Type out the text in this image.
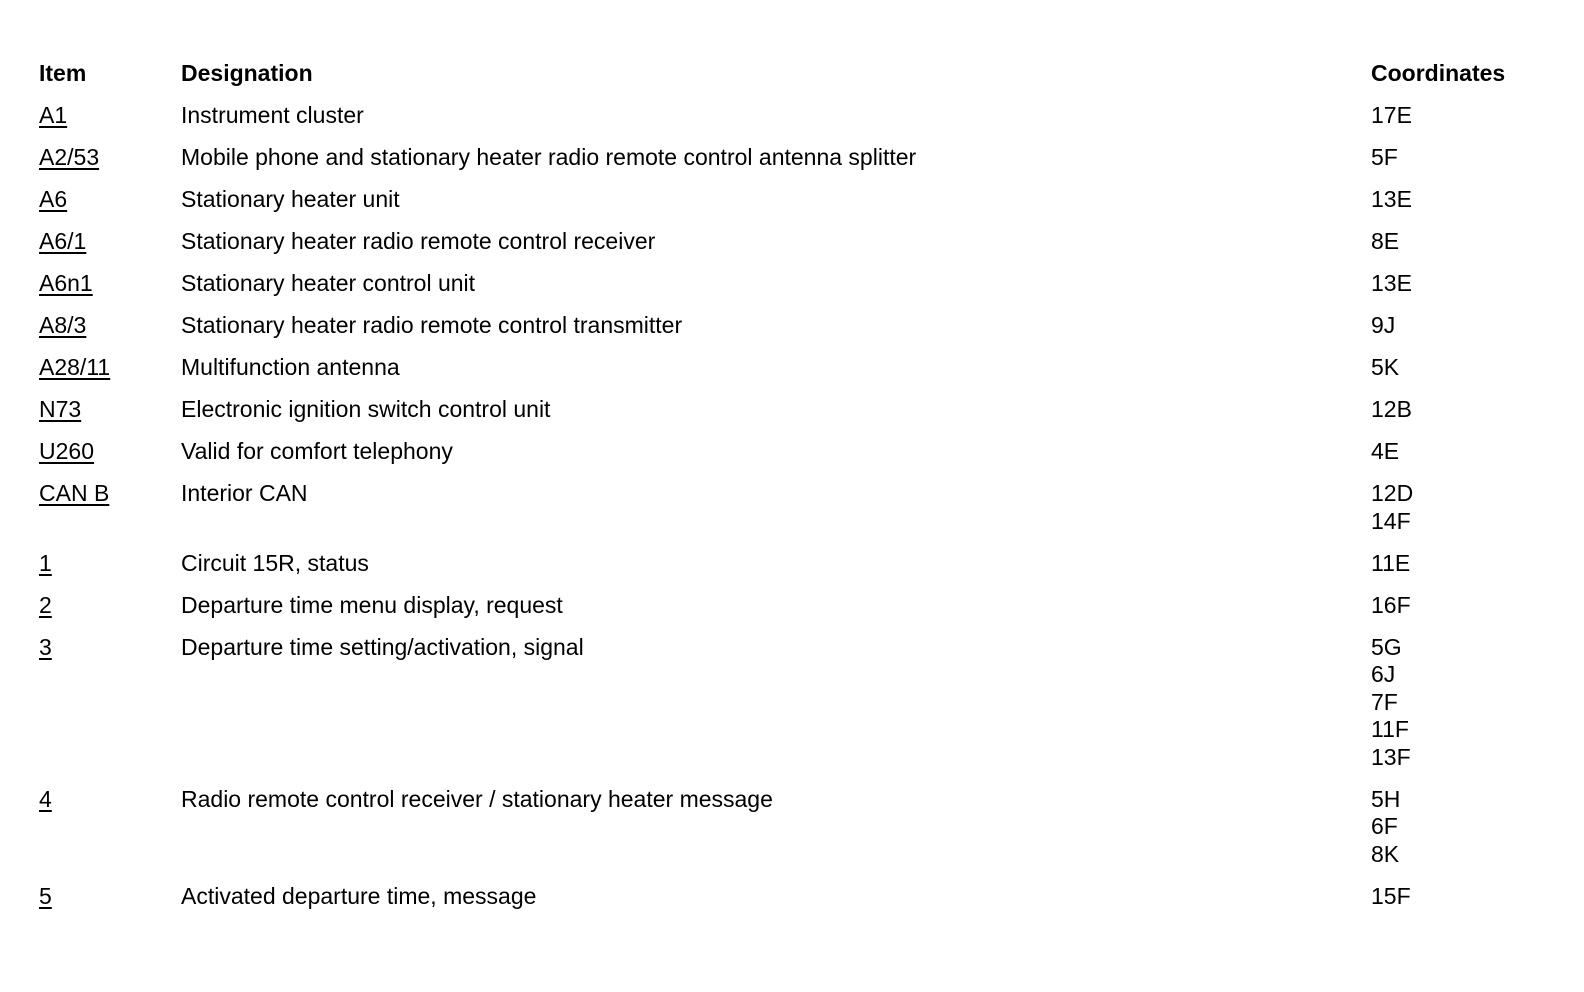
Item	Designation	Coordinates
A1	Instrument cluster	17E
A2/53	Mobile phone and stationary heater radio remote control antenna splitter	5F
A6	Stationary heater unit	13E
A6/1	Stationary heater radio remote control receiver	8E
A6n1	Stationary heater control unit	13E
A8/3	Stationary heater radio remote control transmitter	9J
A28/11	Multifunction antenna	5K
N73	Electronic ignition switch control unit	12B
U260	Valid for comfort telephony	4E
CAN B	Interior CAN	12D
14F
1	Circuit 15R, status	11E
2	Departure time menu display, request	16F
3	Departure time setting/activation, signal	5G
6J
7F
11F
13F
4	Radio remote control receiver / stationary heater message	5H
6F
8K
5	Activated departure time, message	15F
